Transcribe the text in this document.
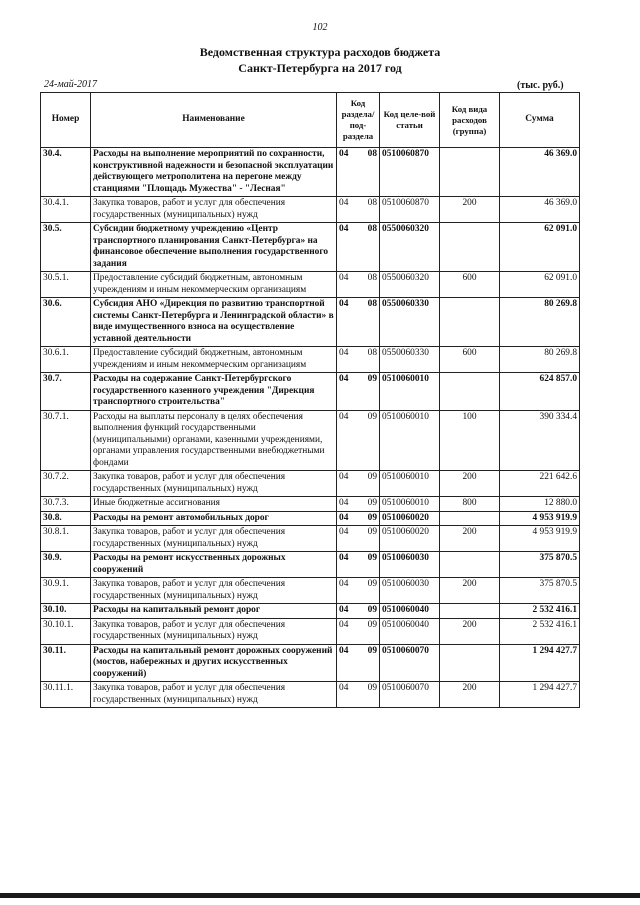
102
Ведомственная структура расходов бюджета
Санкт-Петербурга на 2017 год
24-май-2017	(тыс. руб.)
Номер	Наименование	Код раздела/ под-раздела	Код целе-вой статьи	Код вида расходов (группа)	Сумма
30.4.	Расходы на выполнение мероприятий по сохранности, конструктивной надежности и безопасной эксплуатации действующего метрополитена на перегоне между станциями "Площадь Мужества" - "Лесная"	04 08	0510060870		46 369.0
30.4.1.	Закупка товаров, работ и услуг для обеспечения государственных (муниципальных) нужд	04 08	0510060870	200	46 369.0
30.5.	Субсидии бюджетному учреждению «Центр транспортного планирования Санкт-Петербурга» на финансовое обеспечение выполнения государственного задания	04 08	0550060320		62 091.0
30.5.1.	Предоставление субсидий бюджетным, автономным учреждениям и иным некоммерческим организациям	04 08	0550060320	600	62 091.0
30.6.	Субсидия АНО «Дирекция по развитию транспортной системы Санкт-Петербурга и Ленинградской области» в виде имущественного взноса на осуществление уставной деятельности	04 08	0550060330		80 269.8
30.6.1.	Предоставление субсидий бюджетным, автономным учреждениям и иным некоммерческим организациям	04 08	0550060330	600	80 269.8
30.7.	Расходы на содержание Санкт-Петербургского государственного казенного учреждения "Дирекция транспортного строительства"	04 09	0510060010		624 857.0
30.7.1.	Расходы на выплаты персоналу в целях обеспечения выполнения функций государственными (муниципальными) органами, казенными учреждениями, органами управления государственными внебюджетными фондами	04 09	0510060010	100	390 334.4
30.7.2.	Закупка товаров, работ и услуг для обеспечения государственных (муниципальных) нужд	04 09	0510060010	200	221 642.6
30.7.3.	Иные бюджетные ассигнования	04 09	0510060010	800	12 880.0
30.8.	Расходы на ремонт автомобильных дорог	04 09	0510060020		4 953 919.9
30.8.1.	Закупка товаров, работ и услуг для обеспечения государственных (муниципальных) нужд	04 09	0510060020	200	4 953 919.9
30.9.	Расходы на ремонт искусственных дорожных сооружений	04 09	0510060030		375 870.5
30.9.1.	Закупка товаров, работ и услуг для обеспечения государственных (муниципальных) нужд	04 09	0510060030	200	375 870.5
30.10.	Расходы на капитальный ремонт дорог	04 09	0510060040		2 532 416.1
30.10.1.	Закупка товаров, работ и услуг для обеспечения государственных (муниципальных) нужд	04 09	0510060040	200	2 532 416.1
30.11.	Расходы на капитальный ремонт дорожных сооружений (мостов, набережных и других искусственных сооружений)	04 09	0510060070		1 294 427.7
30.11.1.	Закупка товаров, работ и услуг для обеспечения государственных (муниципальных) нужд	04 09	0510060070	200	1 294 427.7
